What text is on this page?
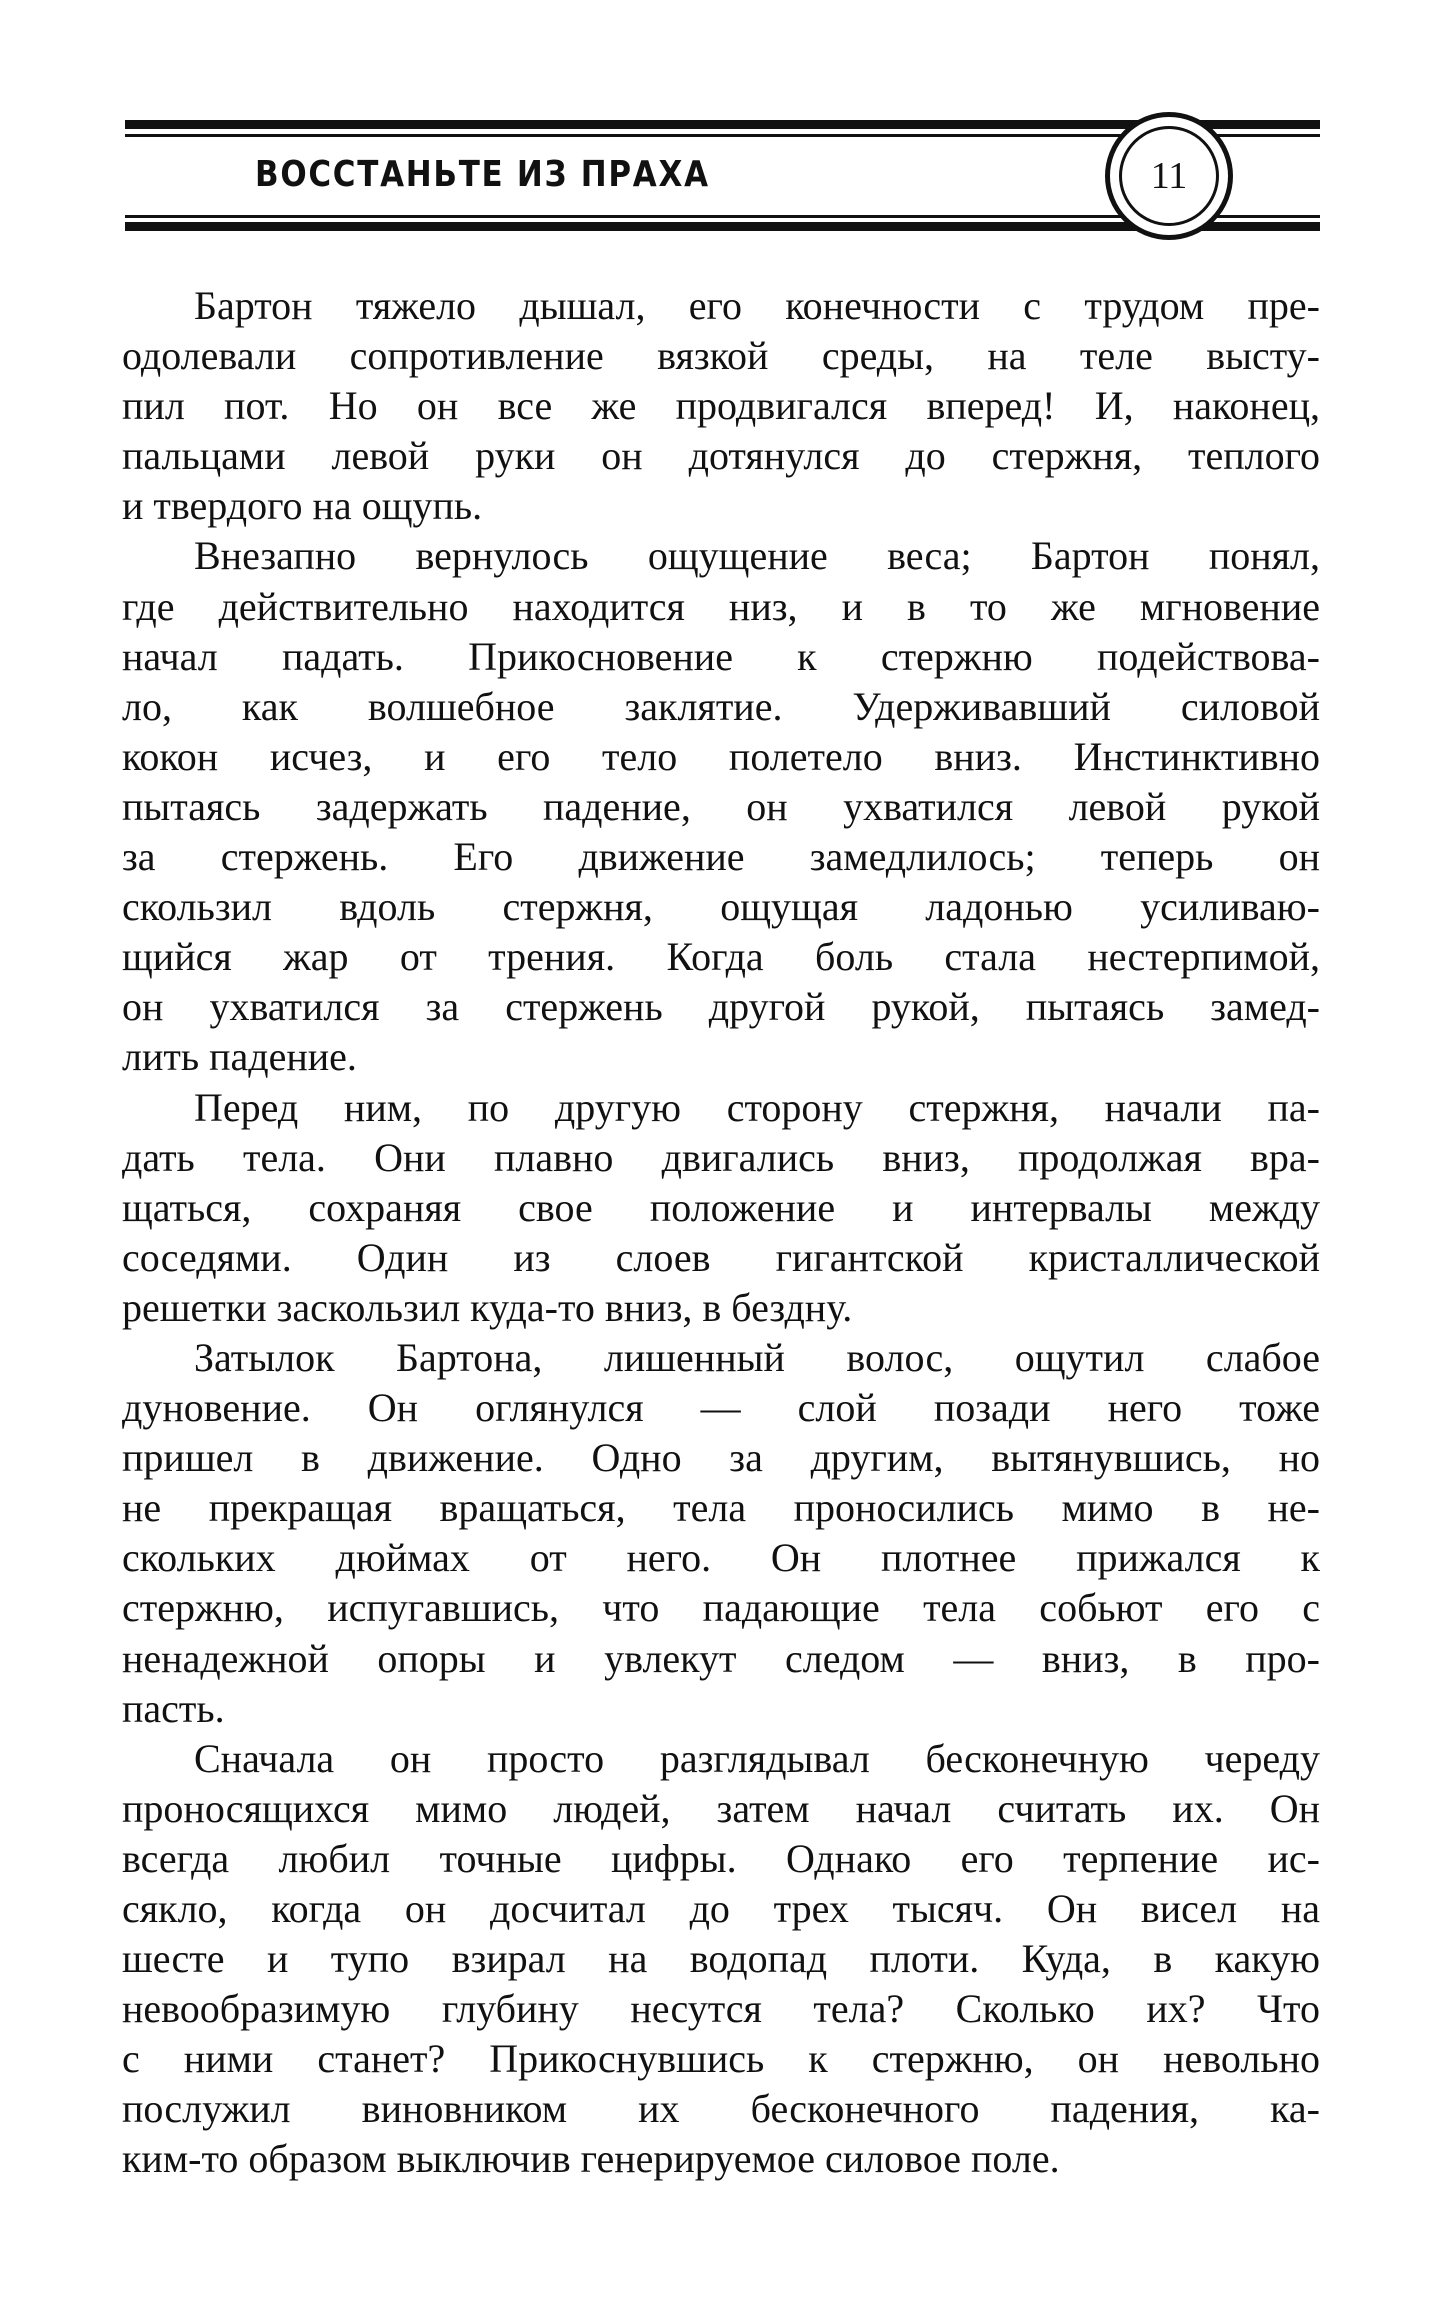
ВОССТАНЬТЕ ИЗ ПРАХА	11

Бартон тяжело дышал, его конечности с трудом пре-
одолевали сопротивление вязкой среды, на теле высту-
пил пот. Но он все же продвигался вперед! И, наконец,
пальцами левой руки он дотянулся до стержня, теплого
и твердого на ощупь.

Внезапно вернулось ощущение веса; Бартон понял,
где действительно находится низ, и в то же мгновение
начал падать. Прикосновение к стержню подействова-
ло, как волшебное заклятие. Удерживавший силовой
кокон исчез, и его тело полетело вниз. Инстинктивно
пытаясь задержать падение, он ухватился левой рукой
за стержень. Его движение замедлилось; теперь он
скользил вдоль стержня, ощущая ладонью усиливаю-
щийся жар от трения. Когда боль стала нестерпимой,
он ухватился за стержень другой рукой, пытаясь замед-
лить падение.

Перед ним, по другую сторону стержня, начали па-
дать тела. Они плавно двигались вниз, продолжая вра-
щаться, сохраняя свое положение и интервалы между
соседями. Один из слоев гигантской кристаллической
решетки заскользил куда-то вниз, в бездну.

Затылок Бартона, лишенный волос, ощутил слабое
дуновение. Он оглянулся — слой позади него тоже
пришел в движение. Одно за другим, вытянувшись, но
не прекращая вращаться, тела проносились мимо в не-
скольких дюймах от него. Он плотнее прижался к
стержню, испугавшись, что падающие тела собьют его с
ненадежной опоры и увлекут следом — вниз, в про-
пасть.

Сначала он просто разглядывал бесконечную череду
проносящихся мимо людей, затем начал считать их. Он
всегда любил точные цифры. Однако его терпение ис-
сякло, когда он досчитал до трех тысяч. Он висел на
шесте и тупо взирал на водопад плоти. Куда, в какую
невообразимую глубину несутся тела? Сколько их? Что
с ними станет? Прикоснувшись к стержню, он невольно
послужил виновником их бесконечного падения, ка-
ким-то образом выключив генерируемое силовое поле.
